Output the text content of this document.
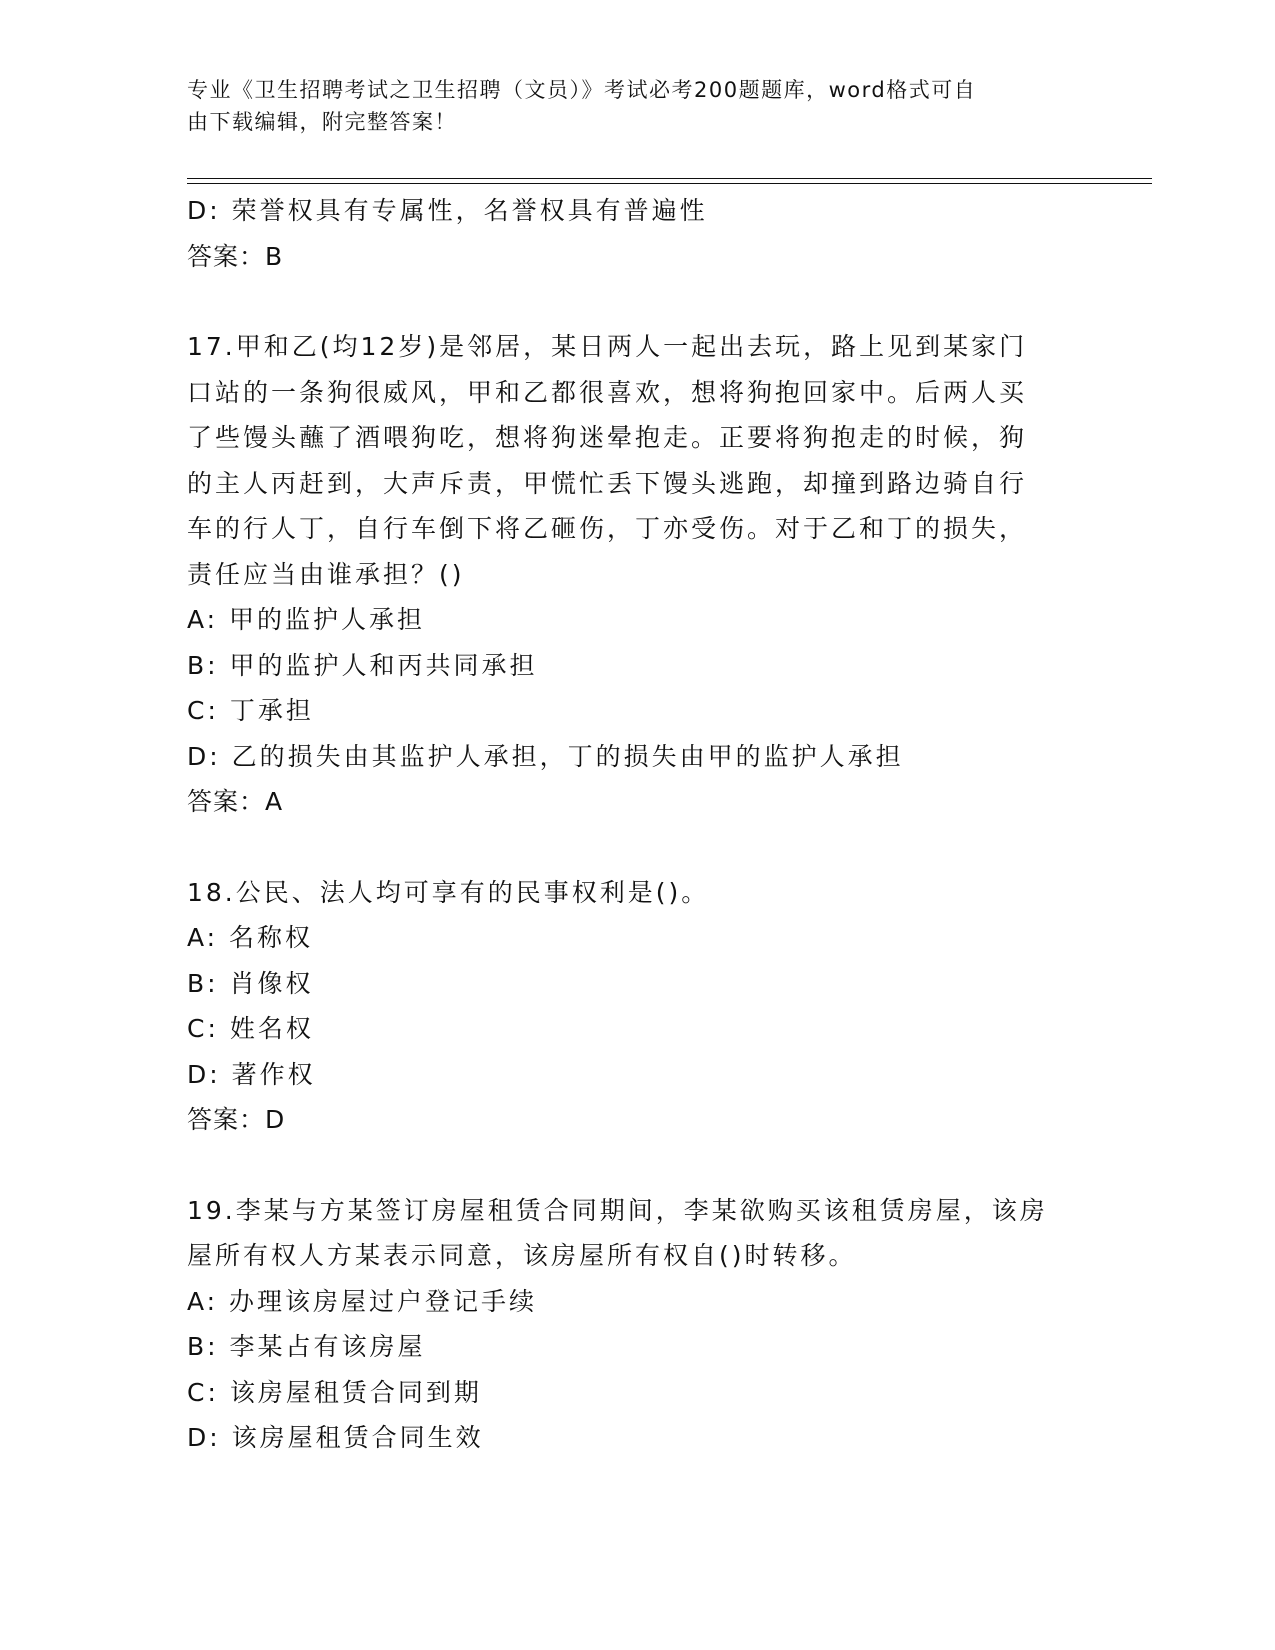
专业《卫生招聘考试之卫生招聘（文员）》考试必考200题题库，word格式可自
由下载编辑，附完整答案！
D: 荣誉权具有专属性，名誉权具有普遍性
答案：B
17.甲和乙(均12岁)是邻居，某日两人一起出去玩，路上见到某家门
口站的一条狗很威风，甲和乙都很喜欢，想将狗抱回家中。后两人买
了些馒头蘸了酒喂狗吃，想将狗迷晕抱走。正要将狗抱走的时候，狗
的主人丙赶到，大声斥责，甲慌忙丢下馒头逃跑，却撞到路边骑自行
车的行人丁，自行车倒下将乙砸伤，丁亦受伤。对于乙和丁的损失，
责任应当由谁承担？()
A: 甲的监护人承担
B: 甲的监护人和丙共同承担
C: 丁承担
D: 乙的损失由其监护人承担，丁的损失由甲的监护人承担
答案：A
18.公民、法人均可享有的民事权利是()。
A: 名称权
B: 肖像权
C: 姓名权
D: 著作权
答案：D
19.李某与方某签订房屋租赁合同期间，李某欲购买该租赁房屋，该房
屋所有权人方某表示同意，该房屋所有权自()时转移。
A: 办理该房屋过户登记手续
B: 李某占有该房屋
C: 该房屋租赁合同到期
D: 该房屋租赁合同生效
